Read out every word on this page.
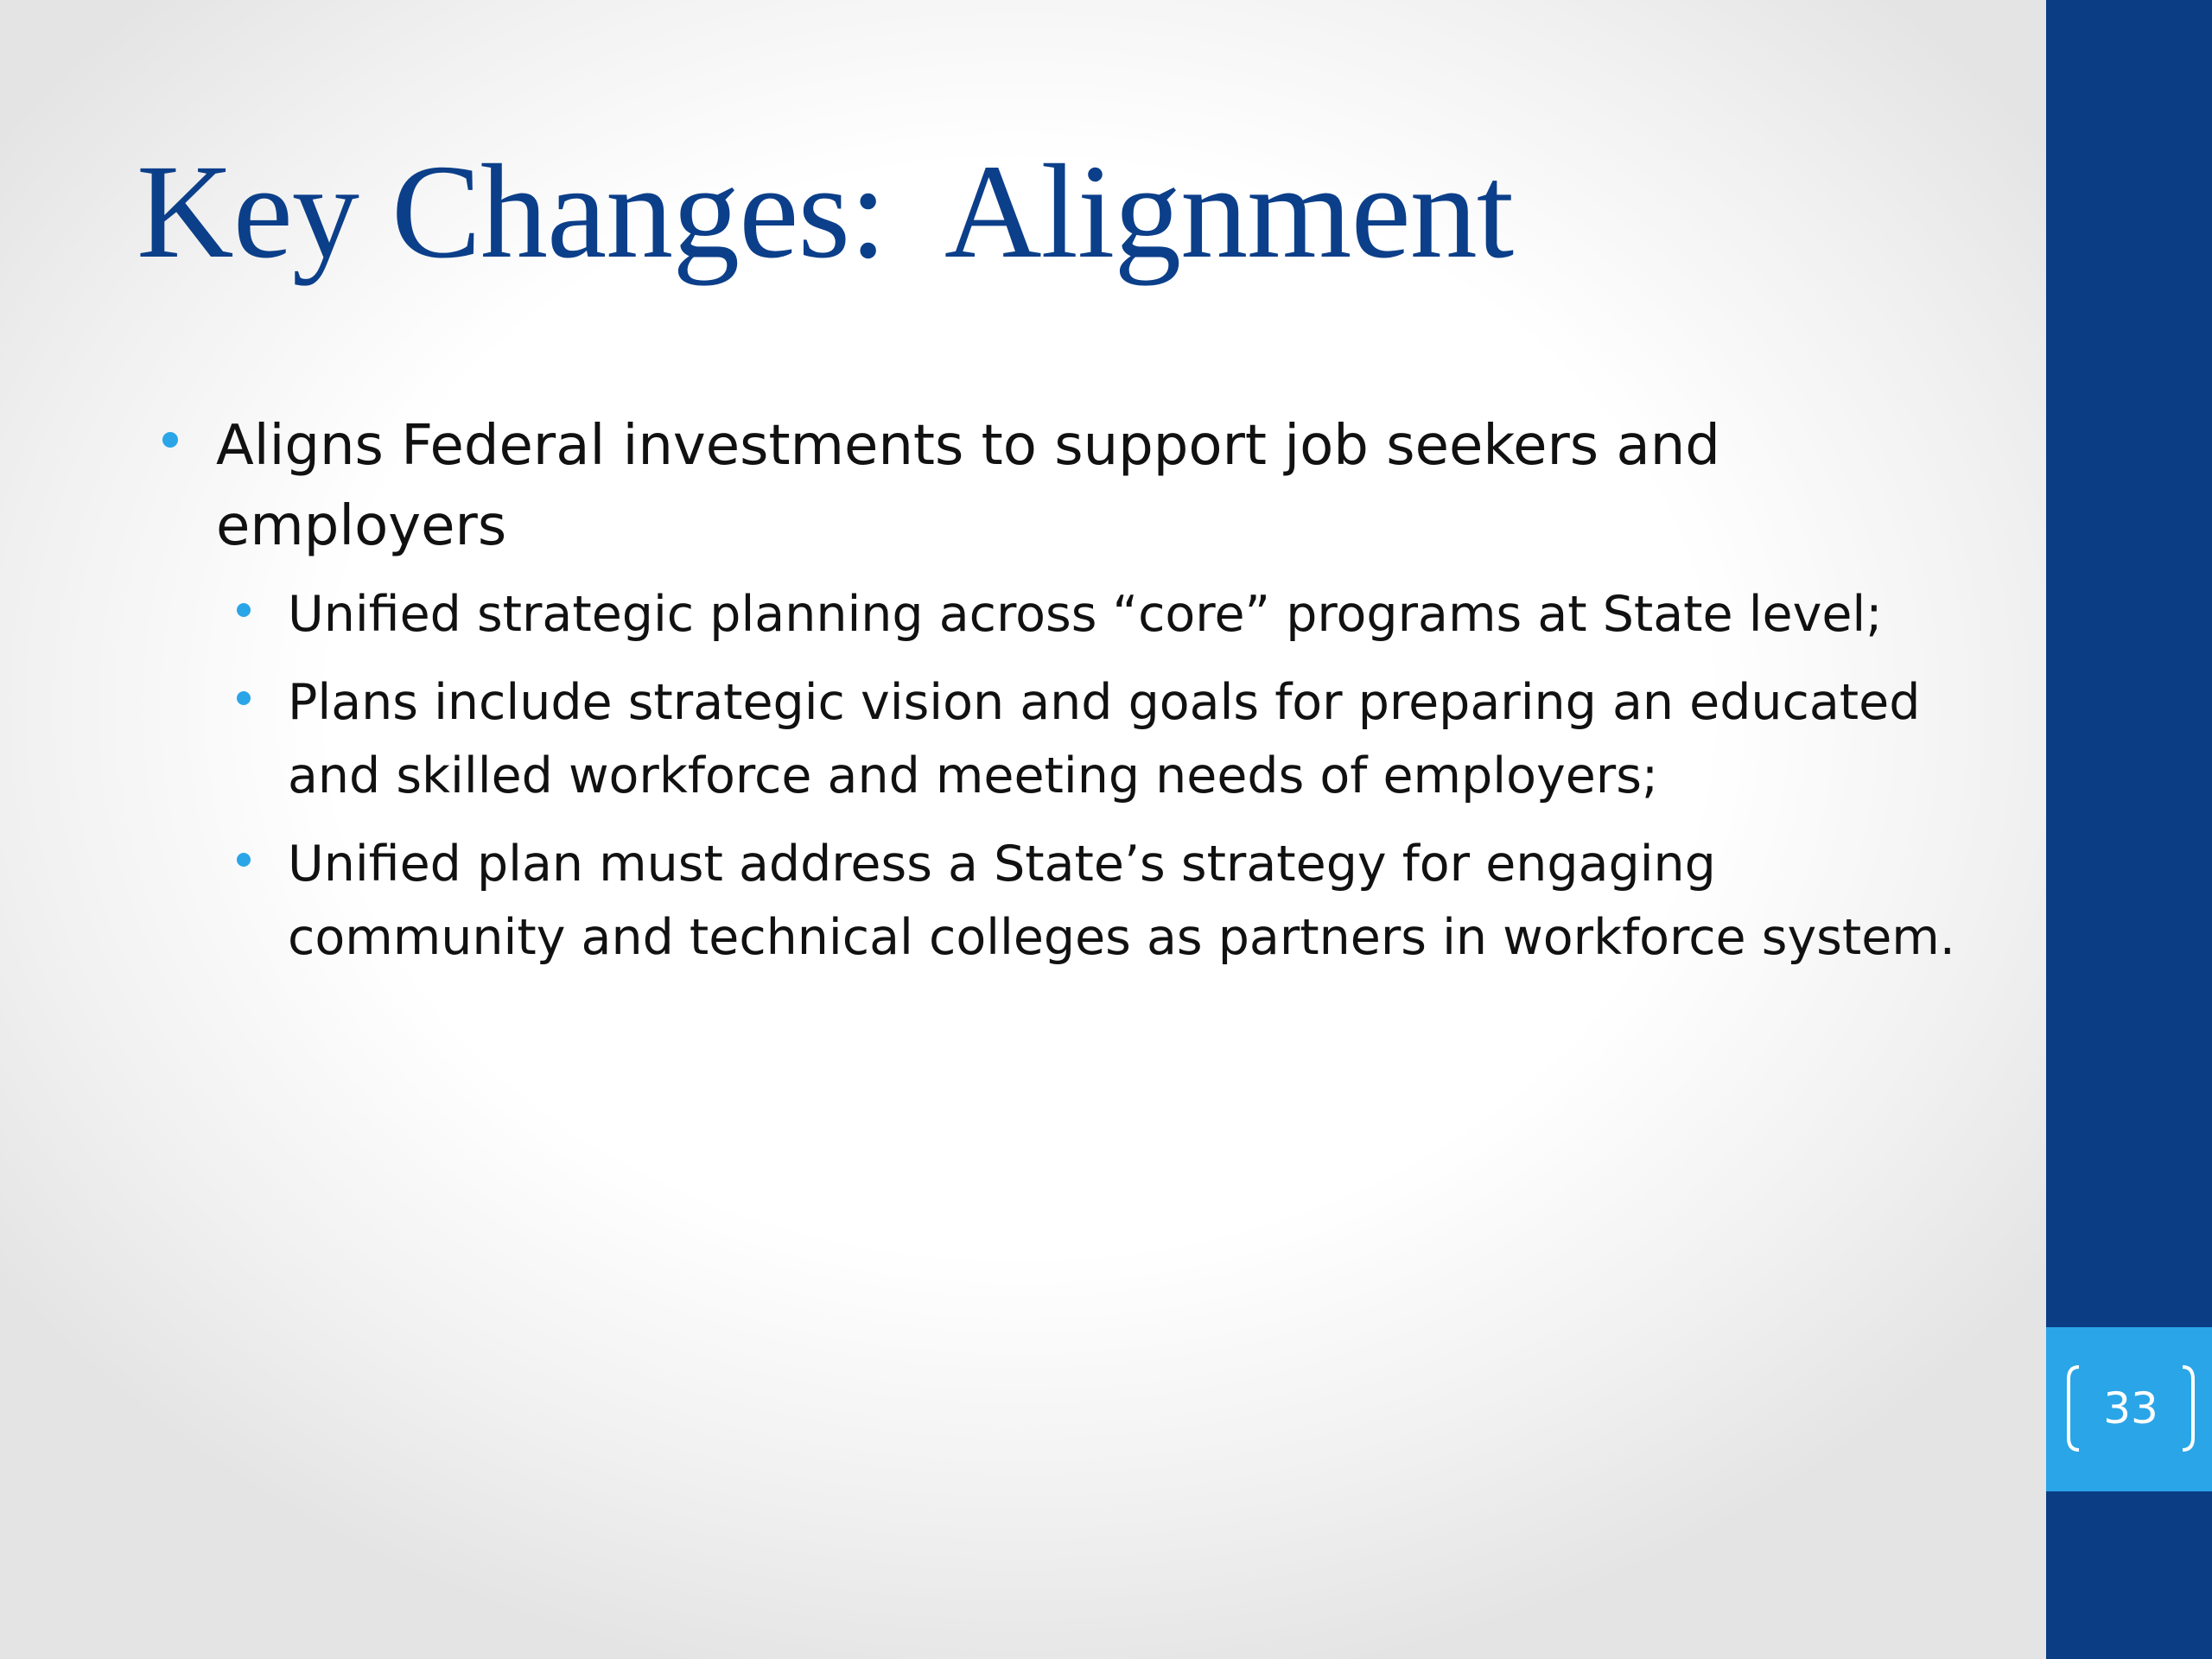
Key Changes:  Alignment
Aligns Federal investments to support job seekers and employers
Unified strategic planning across “core” programs at State level;
Plans include strategic vision and goals for preparing an educated and skilled workforce and meeting needs of employers;
Unified plan must address a State’s strategy for engaging community and technical colleges as partners in workforce system.
33
